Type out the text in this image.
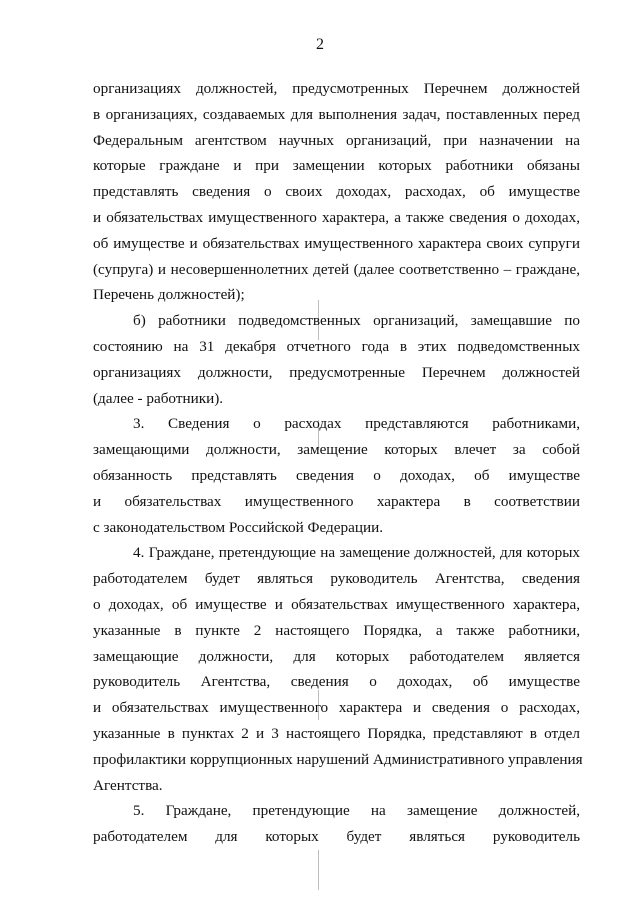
2
организациях должностей, предусмотренных Перечнем должностей
в организациях, создаваемых для выполнения задач, поставленных перед
Федеральным агентством научных организаций, при назначении на
которые граждане и при замещении которых работники обязаны
представлять сведения о своих доходах, расходах, об имуществе
и обязательствах имущественного характера, а также сведения о доходах,
об имуществе и обязательствах имущественного характера своих супруги
(супруга) и несовершеннолетних детей (далее соответственно – граждане,
Перечень должностей);
б) работники подведомственных организаций, замещавшие по
состоянию на 31 декабря отчетного года в этих подведомственных
организациях должности, предусмотренные Перечнем должностей
(далее - работники).
3. Сведения о расходах представляются работниками,
замещающими должности, замещение которых влечет за собой
обязанность представлять сведения о доходах, об имуществе
и обязательствах имущественного характера в соответствии
с законодательством Российской Федерации.
4. Граждане, претендующие на замещение должностей, для которых
работодателем будет являться руководитель Агентства, сведения
о доходах, об имуществе и обязательствах имущественного характера,
указанные в пункте 2 настоящего Порядка, а также работники,
замещающие должности, для которых работодателем является
руководитель Агентства, сведения о доходах, об имуществе
и обязательствах имущественного характера и сведения о расходах,
указанные в пунктах 2 и 3 настоящего Порядка, представляют в отдел
профилактики коррупционных нарушений Административного управления
Агентства.
5. Граждане, претендующие на замещение должностей,
работодателем для которых будет являться руководитель
